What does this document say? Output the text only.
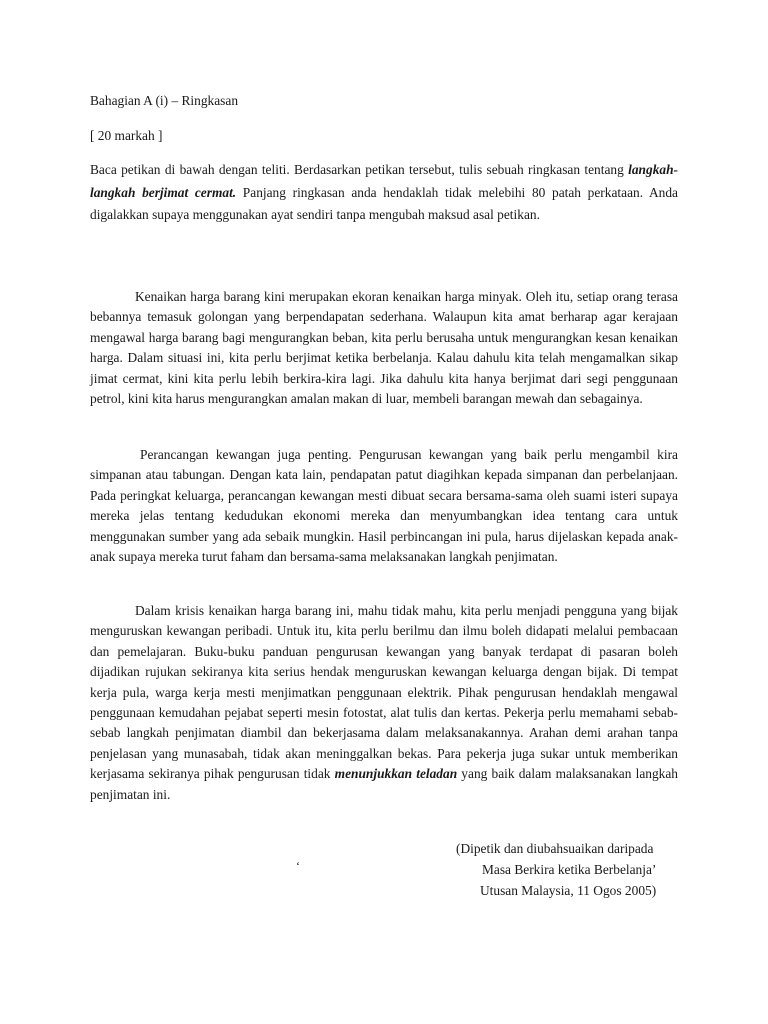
Bahagian A (i) – Ringkasan
[ 20 markah ]

Baca petikan di bawah dengan teliti. Berdasarkan petikan tersebut, tulis sebuah ringkasan tentang langkah-langkah berjimat cermat. Panjang ringkasan anda hendaklah tidak melebihi 80 patah perkataan. Anda digalakkan supaya menggunakan ayat sendiri tanpa mengubah maksud asal petikan.

Kenaikan harga barang kini merupakan ekoran kenaikan harga minyak. Oleh itu, setiap orang terasa bebannya temasuk golongan yang berpendapatan sederhana. Walaupun kita amat berharap agar kerajaan mengawal harga barang bagi mengurangkan beban, kita perlu berusaha untuk mengurangkan kesan kenaikan harga. Dalam situasi ini, kita perlu berjimat ketika berbelanja. Kalau dahulu kita telah mengamalkan sikap jimat cermat, kini kita perlu lebih berkira-kira lagi. Jika dahulu kita hanya berjimat dari segi penggunaan petrol, kini kita harus mengurangkan amalan makan di luar, membeli barangan mewah dan sebagainya.

Perancangan kewangan juga penting. Pengurusan kewangan yang baik perlu mengambil kira simpanan atau tabungan. Dengan kata lain, pendapatan patut diagihkan kepada simpanan dan perbelanjaan. Pada peringkat keluarga, perancangan kewangan mesti dibuat secara bersama-sama oleh suami isteri supaya mereka jelas tentang kedudukan ekonomi mereka dan menyumbangkan idea tentang cara untuk menggunakan sumber yang ada sebaik mungkin. Hasil perbincangan ini pula, harus dijelaskan kepada anak-anak supaya mereka turut faham dan bersama-sama melaksanakan langkah penjimatan.

Dalam krisis kenaikan harga barang ini, mahu tidak mahu, kita perlu menjadi pengguna yang bijak menguruskan kewangan peribadi. Untuk itu, kita perlu berilmu dan ilmu boleh didapati melalui pembacaan dan pemelajaran. Buku-buku panduan pengurusan kewangan yang banyak terdapat di pasaran boleh dijadikan rujukan sekiranya kita serius hendak menguruskan kewangan keluarga dengan bijak. Di tempat kerja pula, warga kerja mesti menjimatkan penggunaan elektrik. Pihak pengurusan hendaklah mengawal penggunaan kemudahan pejabat seperti mesin fotostat, alat tulis dan kertas. Pekerja perlu memahami sebab-sebab langkah penjimatan diambil dan bekerjasama dalam melaksanakannya. Arahan demi arahan tanpa penjelasan yang munasabah, tidak akan meninggalkan bekas. Para pekerja juga sukar untuk memberikan kerjasama sekiranya pihak pengurusan tidak menunjukkan teladan yang baik dalam malaksanakan langkah penjimatan ini.

(Dipetik dan diubahsuaikan daripada
‘	Masa Berkira ketika Berbelanja’
Utusan Malaysia, 11 Ogos 2005)
